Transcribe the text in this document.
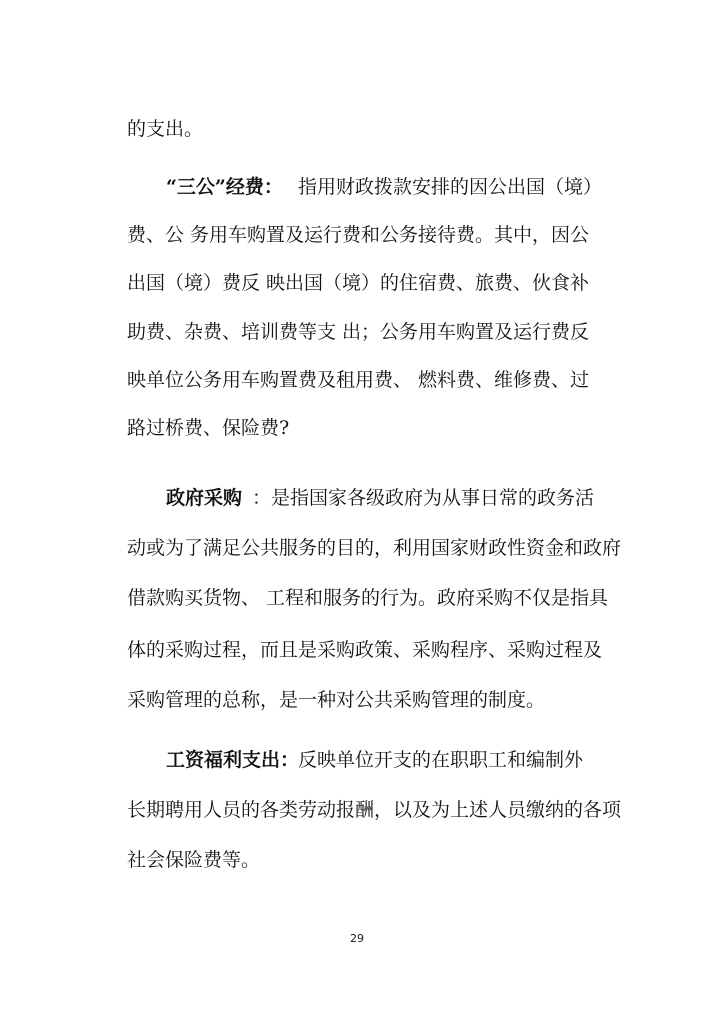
的支出。

“三公”经费：

指用财政拨款安排的因公出国（境）

费、公 务用车购置及运行费和公务接待费。其中，因公

出国（境）费反 映出国（境）的住宿费、旅费、伙食补

助费、杂费、培训费等支 出；公务用车购置及运行费反

映单位公务用车购置费及租用费、 燃料费、维修费、过

路过桥费、保险费?

政府采购

：是指国家各级政府为从事日常的政务活

动或为了满足公共服务的目的，利用国家财政性资金和政府

借款购买货物、 工程和服务的行为。政府采购不仅是指具

体的采购过程，而且是采购政策、采购程序、采购过程及

采购管理的总称，是一种对公共采购管理的制度。

工资福利支出：

反映单位开支的在职职工和编制外

长期聘用人员的各类劳动报酬，以及为上述人员缴纳的各项

社会保险费等。

29
